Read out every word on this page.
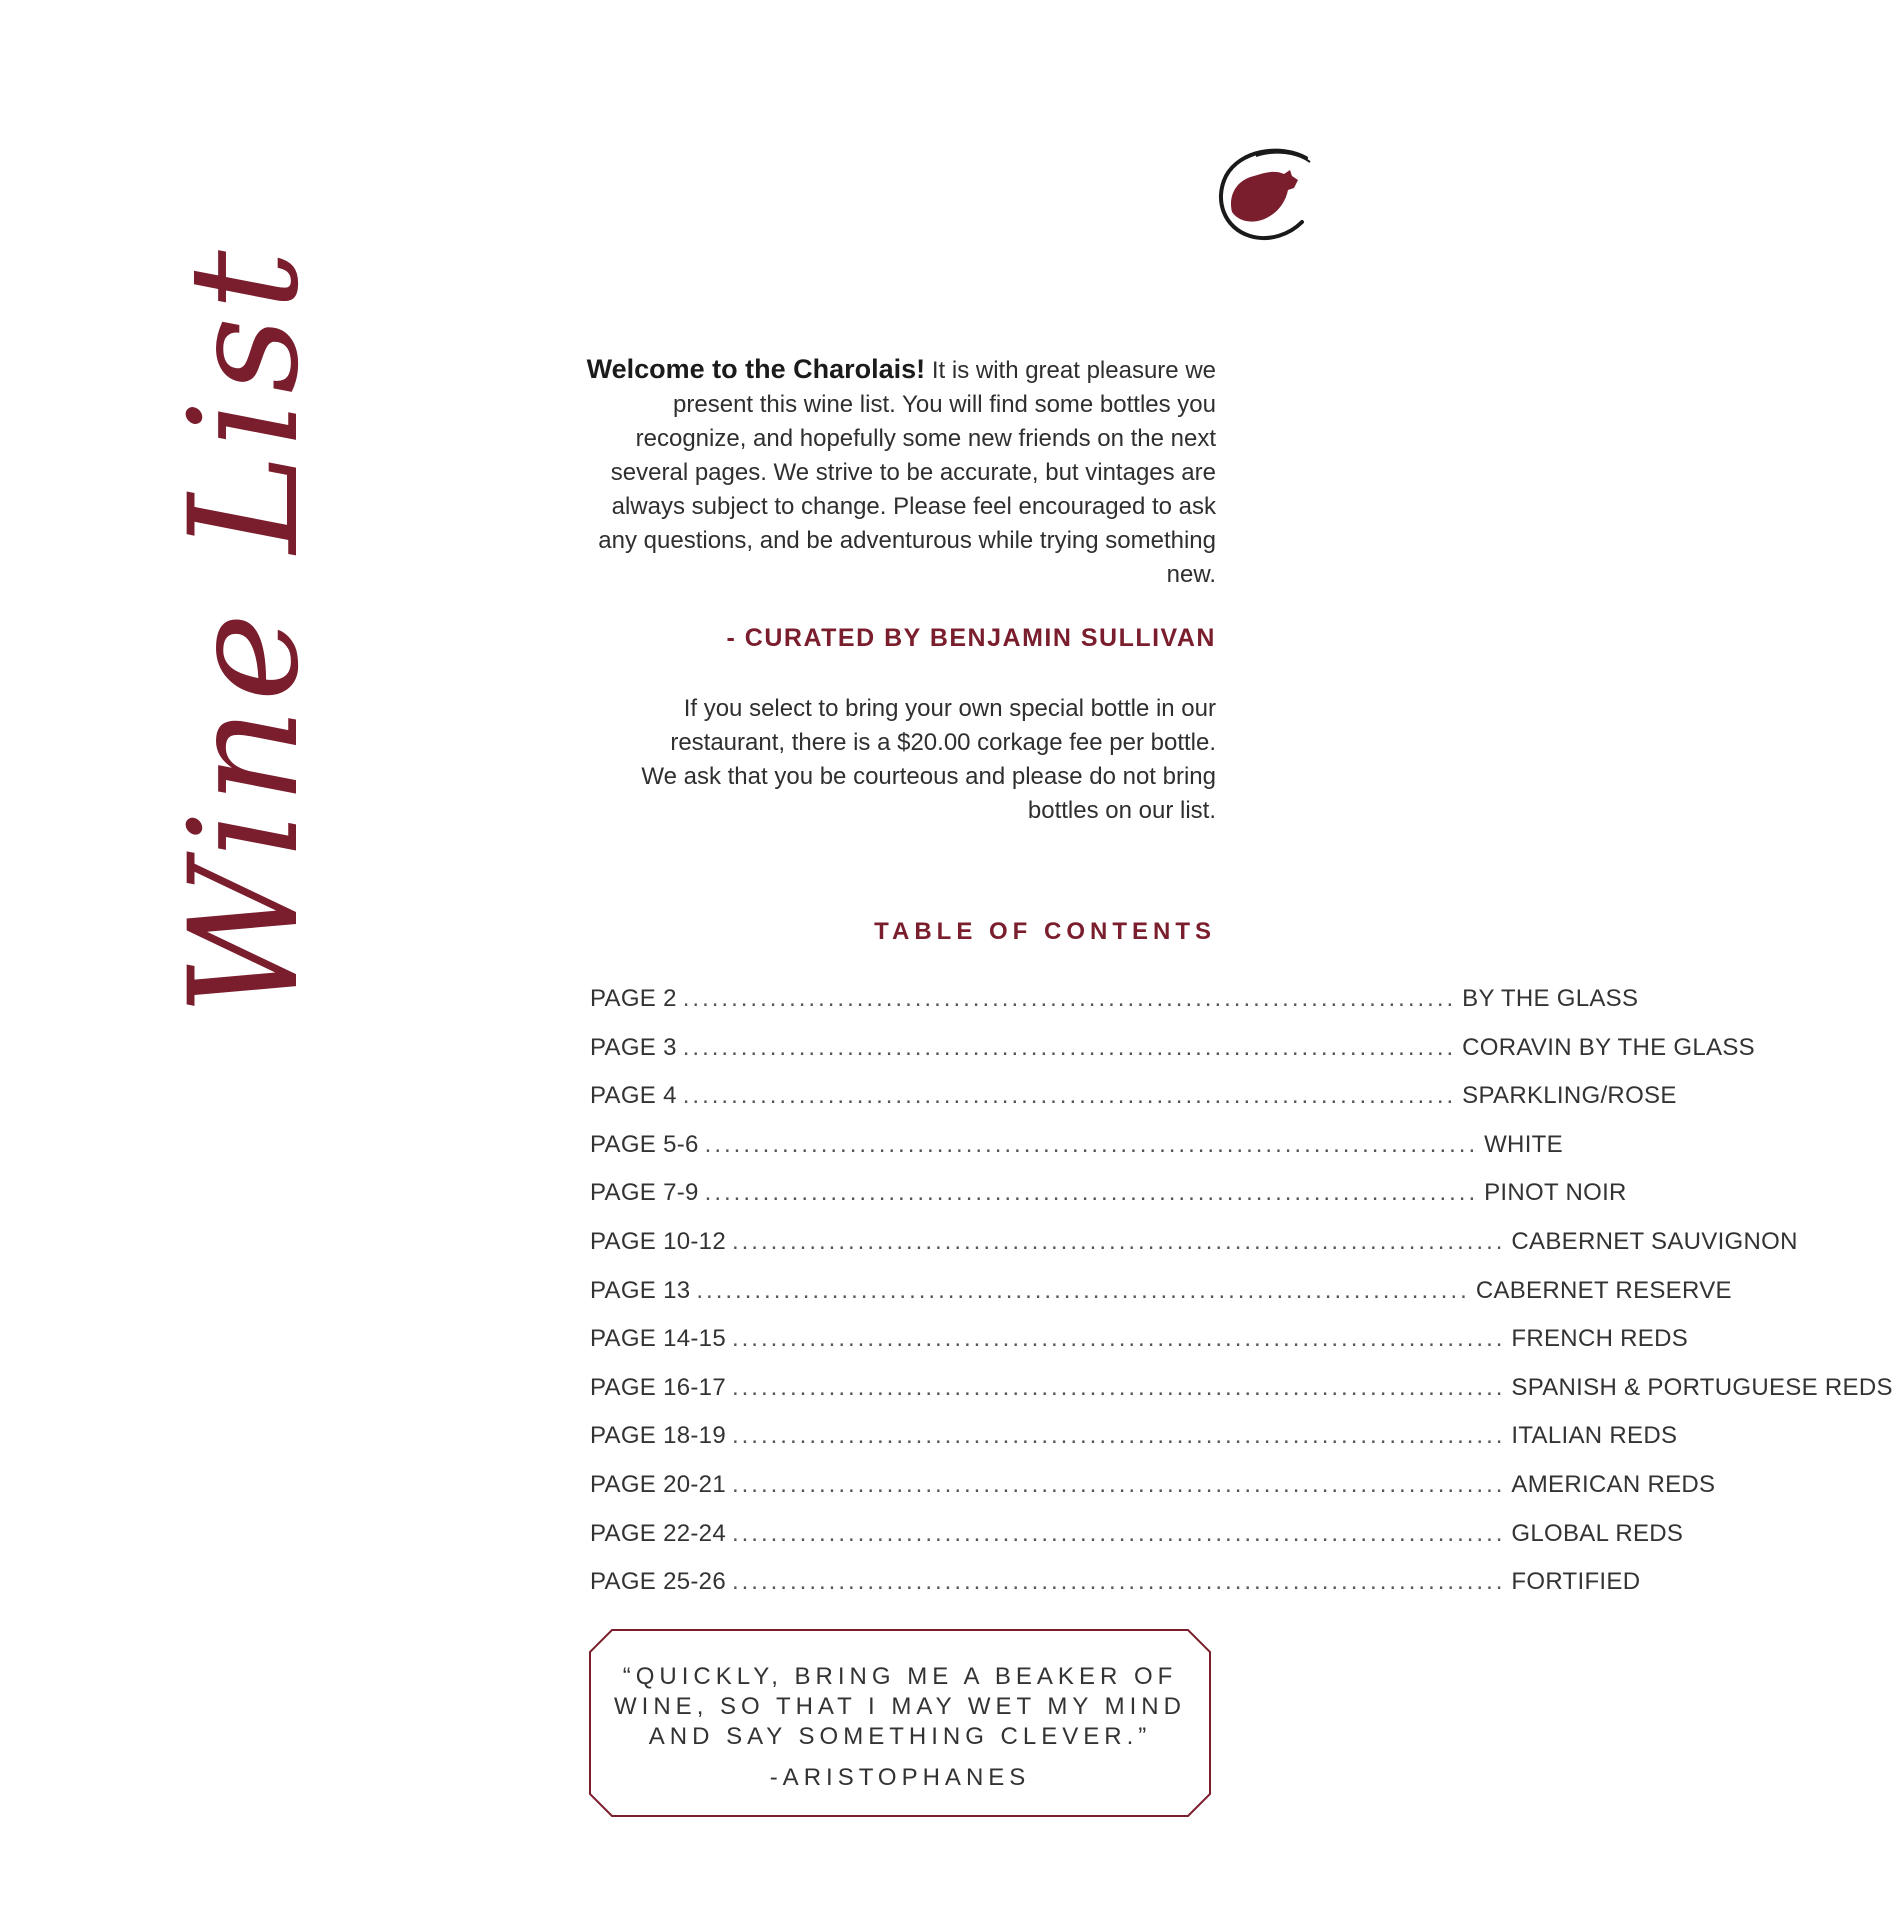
Wine List	Welcome to the Charolais! It is with great pleasure we present this wine list. You will find some bottles you recognize, and hopefully some new friends on the next several pages. We strive to be accurate, but vintages are always subject to change. Please feel encouraged to ask any questions, and be adventurous while trying something new.
- CURATED BY BENJAMIN SULLIVAN

If you select to bring your own special bottle in our restaurant, there is a $20.00 corkage fee per bottle.

We ask that you be courteous and please do not bring bottles on our list.

TABLE OF CONTENTS
PAGE 2 ................................................................................ BY THE GLASS
PAGE 3 ................................................................................ CORAVIN BY THE GLASS
PAGE 4 ................................................................................ SPARKLING/ROSE
PAGE 5-6 ................................................................................ WHITE
PAGE 7-9 ................................................................................ PINOT NOIR
PAGE 10-12 ................................................................................ CABERNET SAUVIGNON
PAGE 13 ................................................................................ CABERNET RESERVE
PAGE 14-15 ................................................................................ FRENCH REDS
PAGE 16-17 ................................................................................ SPANISH & PORTUGUESE REDS
PAGE 18-19 ................................................................................ ITALIAN REDS
PAGE 20-21 ................................................................................ AMERICAN REDS
PAGE 22-24 ................................................................................ GLOBAL REDS
PAGE 25-26 ................................................................................ FORTIFIED
“QUICKLY, BRING ME A BEAKER OF WINE, SO THAT I MAY WET MY MIND AND SAY SOMETHING CLEVER.”
-ARISTOPHANES
